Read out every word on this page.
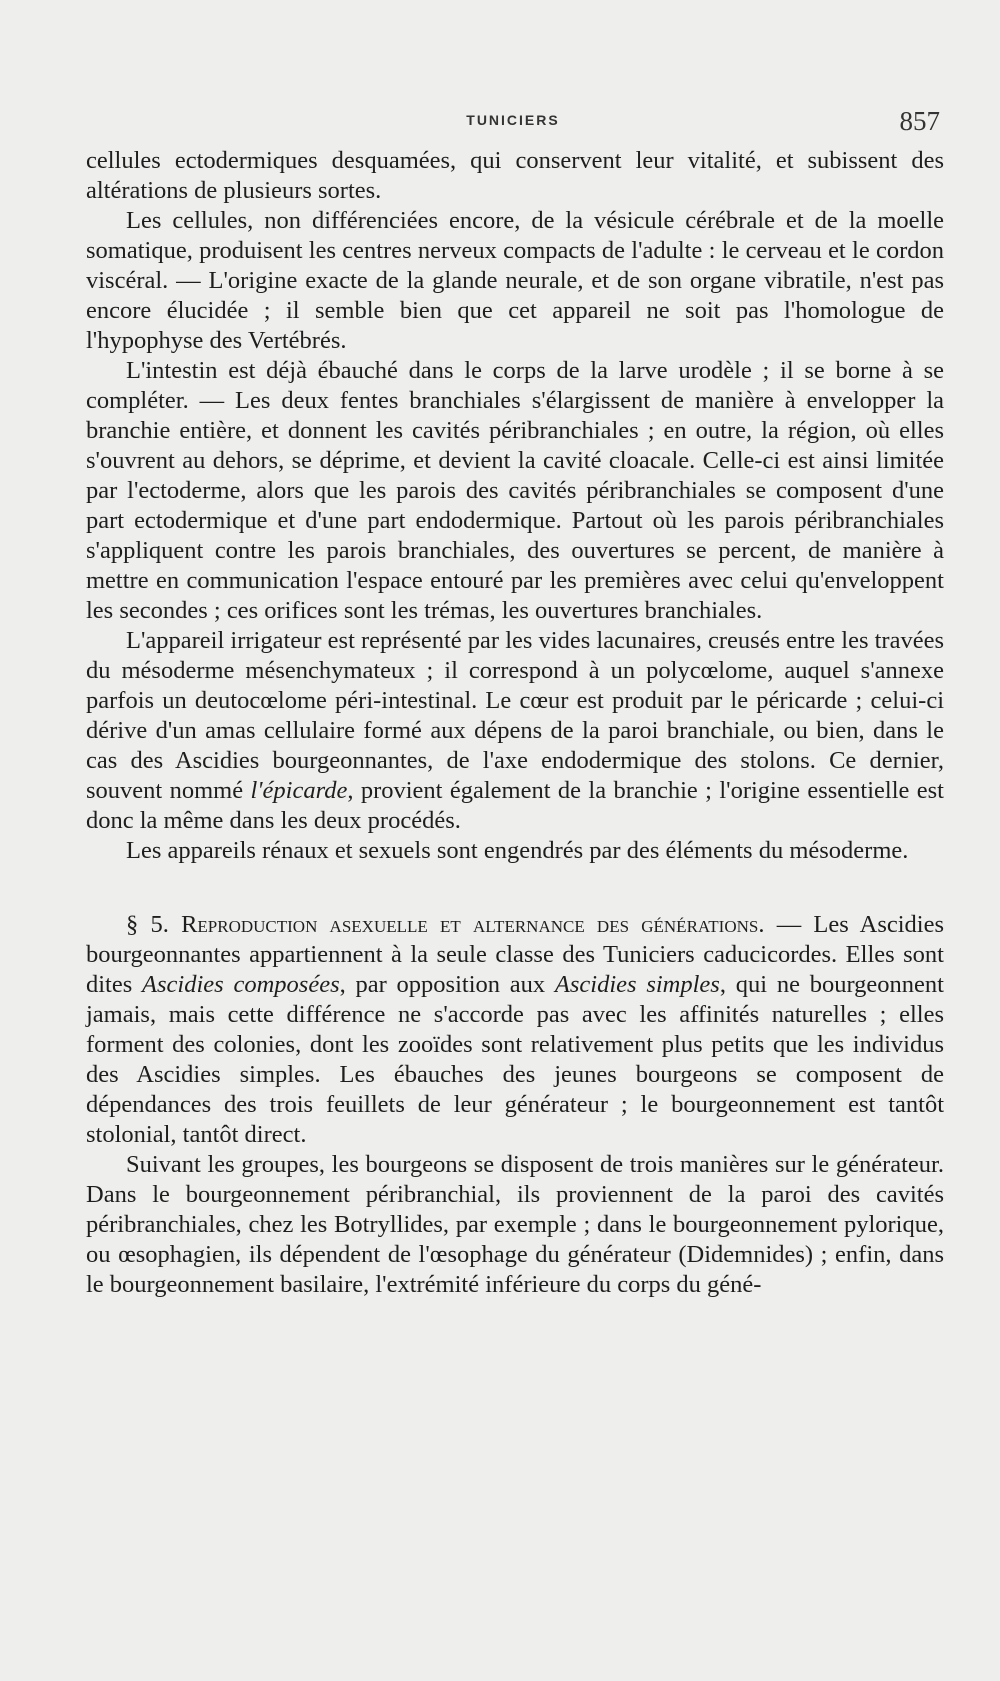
TUNICIERS	857

cellules ectodermiques desquamées, qui conservent leur vitalité, et subissent des altérations de plusieurs sortes.

Les cellules, non différenciées encore, de la vésicule cérébrale et de la moelle somatique, produisent les centres nerveux compacts de l'adulte : le cerveau et le cordon viscéral. — L'origine exacte de la glande neurale, et de son organe vibratile, n'est pas encore élucidée ; il semble bien que cet appareil ne soit pas l'homologue de l'hypophyse des Vertébrés.

L'intestin est déjà ébauché dans le corps de la larve urodèle ; il se borne à se compléter. — Les deux fentes branchiales s'élargissent de manière à envelopper la branchie entière, et donnent les cavités péribranchiales ; en outre, la région, où elles s'ouvrent au dehors, se déprime, et devient la cavité cloacale. Celle-ci est ainsi limitée par l'ectoderme, alors que les parois des cavités péribranchiales se composent d'une part ectodermique et d'une part endodermique. Partout où les parois péribranchiales s'appliquent contre les parois branchiales, des ouvertures se percent, de manière à mettre en communication l'espace entouré par les premières avec celui qu'enveloppent les secondes ; ces orifices sont les trémas, les ouvertures branchiales.

L'appareil irrigateur est représenté par les vides lacunaires, creusés entre les travées du mésoderme mésenchymateux ; il correspond à un polycœlome, auquel s'annexe parfois un deutocœlome péri-intestinal. Le cœur est produit par le péricarde ; celui-ci dérive d'un amas cellulaire formé aux dépens de la paroi branchiale, ou bien, dans le cas des Ascidies bourgeonnantes, de l'axe endodermique des stolons. Ce dernier, souvent nommé l'épicarde, provient également de la branchie ; l'origine essentielle est donc la même dans les deux procédés.

Les appareils rénaux et sexuels sont engendrés par des éléments du mésoderme.

§ 5. Reproduction asexuelle et alternance des générations. — Les Ascidies bourgeonnantes appartiennent à la seule classe des Tuniciers caducicordes. Elles sont dites Ascidies composées, par opposition aux Ascidies simples, qui ne bourgeonnent jamais, mais cette différence ne s'accorde pas avec les affinités naturelles ; elles forment des colonies, dont les zooïdes sont relativement plus petits que les individus des Ascidies simples. Les ébauches des jeunes bourgeons se composent de dépendances des trois feuillets de leur générateur ; le bourgeonnement est tantôt stolonial, tantôt direct.

Suivant les groupes, les bourgeons se disposent de trois manières sur le générateur. Dans le bourgeonnement péribranchial, ils proviennent de la paroi des cavités péribranchiales, chez les Botryllides, par exemple ; dans le bourgeonnement pylorique, ou œsophagien, ils dépendent de l'œsophage du générateur (Didemnides) ; enfin, dans le bourgeonnement basilaire, l'extrémité inférieure du corps du géné-
